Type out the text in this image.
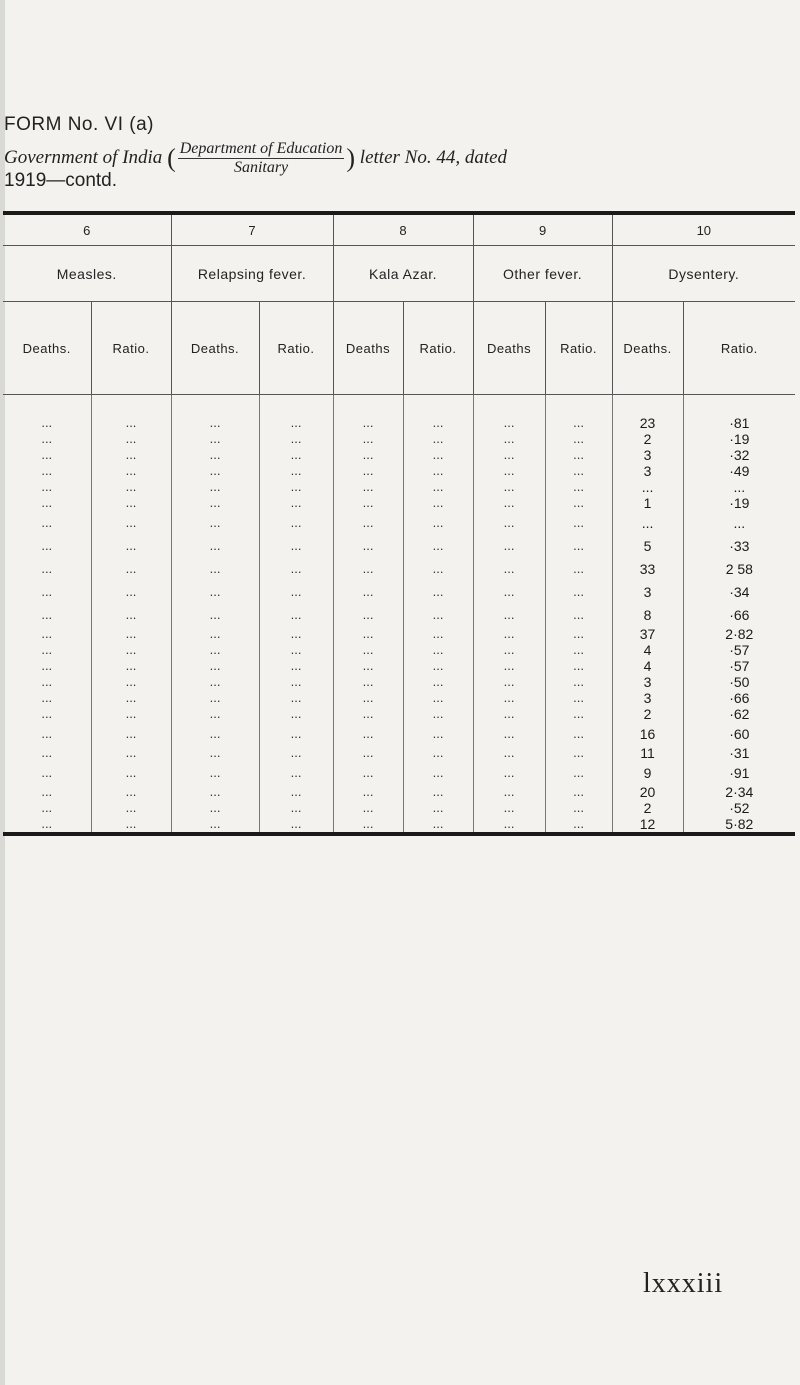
FORM No. VI (a)
Government of India ( $\frac{\text{Department of Education}}{\text{Sanitary}}$ ) letter No. 44, dated
1919—contd.
6		7		8		9		10	
Measles.		Relapsing fever.		Kala Azar.		Other fever.		Dysentery.	
Deaths.	Ratio.	Deaths.	Ratio.	Deaths	Ratio.	Deaths	Ratio.	Deaths.	Ratio.

...	...	...	...	...	...	...	...	23	·81
...	...	...	...	...	...	...	...	2	·19
...	...	...	...	...	...	...	...	3	·32
...	...	...	...	...	...	...	...	3	·49
...	...	...	...	...	...	...	...	...	...
...	...	...	...	...	...	...	...	1	·19
...	...	...	...	...	...	...	...	...	...
...	...	...	...	...	...	...	...	5	·33
...	...	...	...	...	...	...	...	33	2 58
...	...	...	...	...	...	...	...	3	·34
...	...	...	...	...	...	...	...	8	·66
...	...	...	...	...	...	...	...	37	2·82
...	...	...	...	...	...	...	...	4	·57
...	...	...	...	...	...	...	...	4	·57
...	...	...	...	...	...	...	...	3	·50
...	...	...	...	...	...	...	...	3	·66
...	...	...	...	...	...	...	...	2	·62
...	...	...	...	...	...	...	...	16	·60
...	...	...	...	...	...	...	...	11	·31
...	...	...	...	...	...	...	...	9	·91
...	...	...	...	...	...	...	...	20	2·34
...	...	...	...	...	...	...	...	2	·52
...	...	...	...	...	...	...	...	12	5·82
lxxxiii
